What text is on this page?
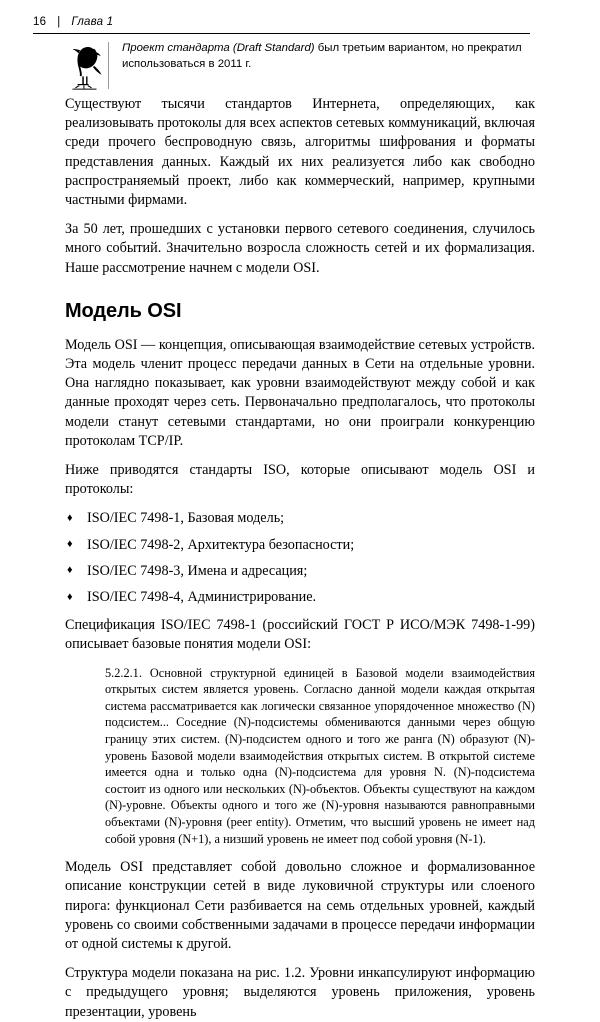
16 | Глава 1
Проект стандарта (Draft Standard) был третьим вариантом, но прекратил использоваться в 2011 г.

Существуют тысячи стандартов Интернета, определяющих, как реализовывать протоколы для всех аспектов сетевых коммуникаций, включая среди прочего беспроводную связь, алгоритмы шифрования и форматы представления данных. Каждый их них реализуется либо как свободно распространяемый проект, либо как коммерческий, например, крупными частными фирмами.

За 50 лет, прошедших с установки первого сетевого соединения, случилось много событий. Значительно возросла сложность сетей и их формализация. Наше рассмотрение начнем с модели OSI.

Модель OSI

Модель OSI — концепция, описывающая взаимодействие сетевых устройств. Эта модель членит процесс передачи данных в Сети на отдельные уровни. Она наглядно показывает, как уровни взаимодействуют между собой и как данные проходят через сеть. Первоначально предполагалось, что протоколы модели станут сетевыми стандартами, но они проиграли конкуренцию протоколам TCP/IP.

Ниже приводятся стандарты ISO, которые описывают модель OSI и протоколы:

♦ ISO/IEC 7498-1, Базовая модель;
♦ ISO/IEC 7498-2, Архитектура безопасности;
♦ ISO/IEC 7498-3, Имена и адресация;
♦ ISO/IEC 7498-4, Администрирование.

Спецификация ISO/IEC 7498-1 (российский ГОСТ Р ИСО/МЭК 7498-1-99) описывает базовые понятия модели OSI:

5.2.2.1. Основной структурной единицей в Базовой модели взаимодействия открытых систем является уровень. Согласно данной модели каждая открытая система рассматривается как логически связанное упорядоченное множество (N) подсистем... Соседние (N)-подсистемы обмениваются данными через общую границу этих систем. (N)-подсистем одного и того же ранга (N) образуют (N)-уровень Базовой модели взаимодействия открытых систем. В открытой системе имеется одна и только одна (N)-подсистема для уровня N. (N)-подсистема состоит из одного или нескольких (N)-объектов. Объекты существуют на каждом (N)-уровне. Объекты одного и того же (N)-уровня называются равноправными объектами (N)-уровня (peer entity). Отметим, что высший уровень не имеет над собой уровня (N+1), а низший уровень не имеет под собой уровня (N-1).

Модель OSI представляет собой довольно сложное и формализованное описание конструкции сетей в виде луковичной структуры или слоеного пирога: функционал Сети разбивается на семь отдельных уровней, каждый уровень со своими собственными задачами в процессе передачи информации от одной системы к другой.

Структура модели показана на рис. 1.2. Уровни инкапсулируют информацию с предыдущего уровня; выделяются уровень приложения, уровень презентации, уровень
